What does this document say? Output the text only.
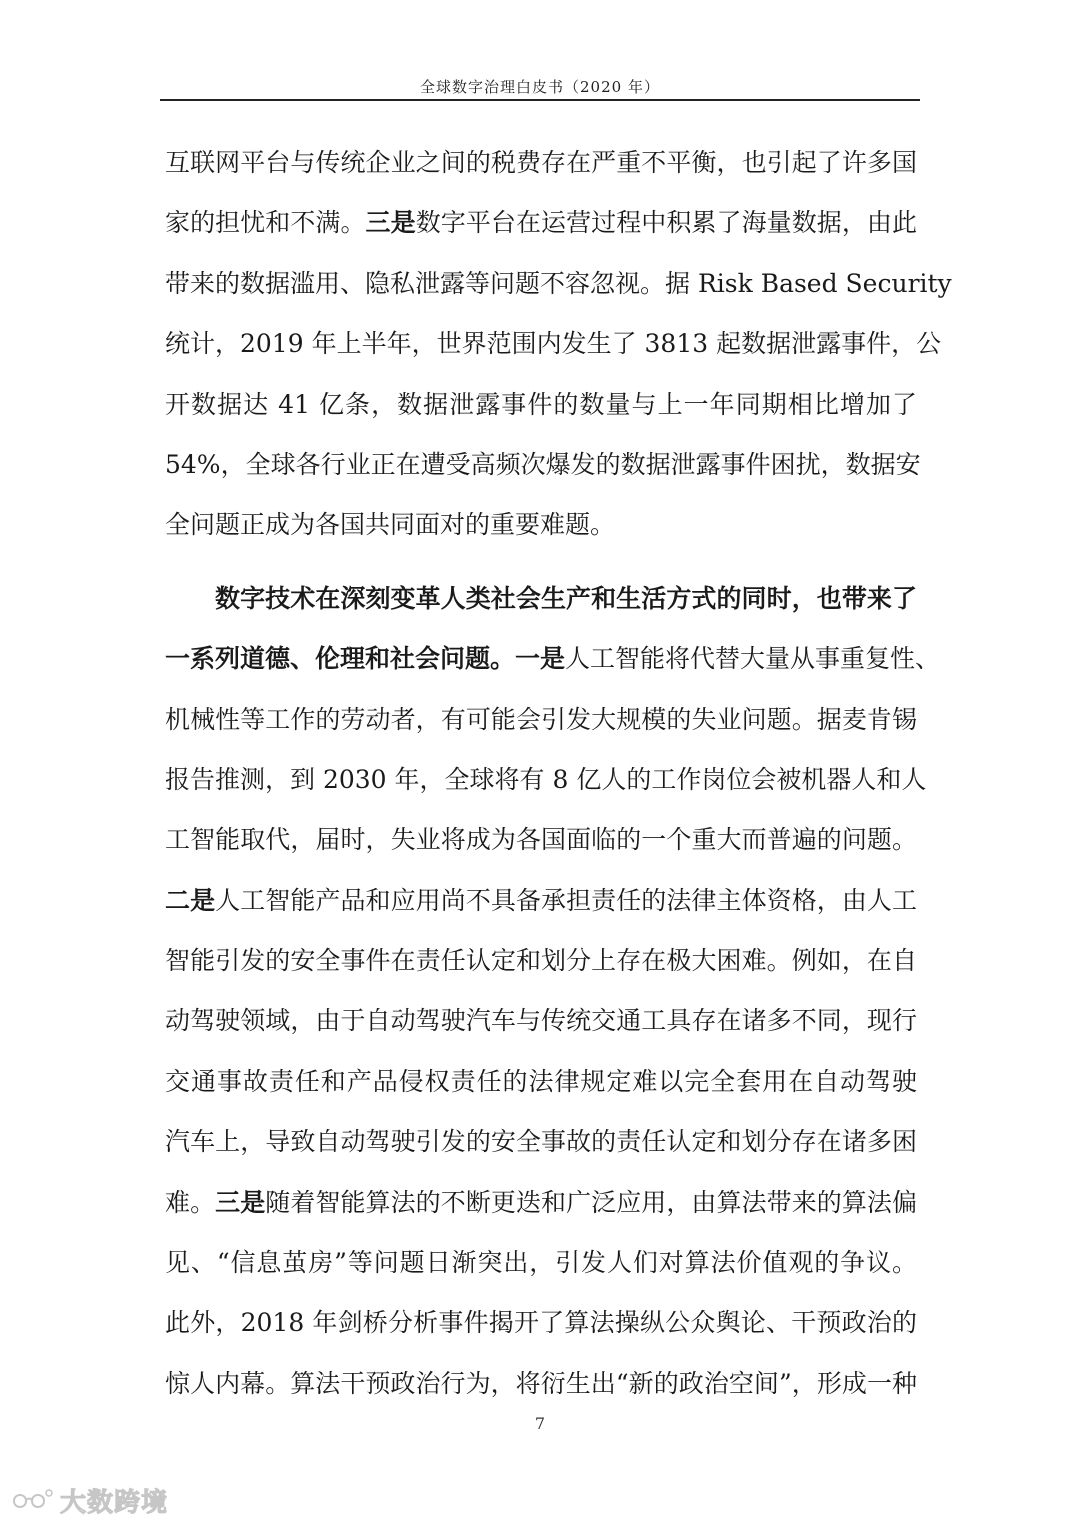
全球数字治理白皮书（2020 年）
互联网平台与传统企业之间的税费存在严重不平衡，也引起了许多国
家的担忧和不满。三是数字平台在运营过程中积累了海量数据，由此
带来的数据滥用、隐私泄露等问题不容忽视。据 Risk Based Security
统计，2019 年上半年，世界范围内发生了 3813 起数据泄露事件，公
开数据达 41 亿条，数据泄露事件的数量与上一年同期相比增加了
54%，全球各行业正在遭受高频次爆发的数据泄露事件困扰，数据安
全问题正成为各国共同面对的重要难题。
数字技术在深刻变革人类社会生产和生活方式的同时，也带来了
一系列道德、伦理和社会问题。一是人工智能将代替大量从事重复性、
机械性等工作的劳动者，有可能会引发大规模的失业问题。据麦肯锡
报告推测，到 2030 年，全球将有 8 亿人的工作岗位会被机器人和人
工智能取代，届时，失业将成为各国面临的一个重大而普遍的问题。
二是人工智能产品和应用尚不具备承担责任的法律主体资格，由人工
智能引发的安全事件在责任认定和划分上存在极大困难。例如，在自
动驾驶领域，由于自动驾驶汽车与传统交通工具存在诸多不同，现行
交通事故责任和产品侵权责任的法律规定难以完全套用在自动驾驶
汽车上，导致自动驾驶引发的安全事故的责任认定和划分存在诸多困
难。三是随着智能算法的不断更迭和广泛应用，由算法带来的算法偏
见、“信息茧房”等问题日渐突出，引发人们对算法价值观的争议。
此外，2018 年剑桥分析事件揭开了算法操纵公众舆论、干预政治的
惊人内幕。算法干预政治行为，将衍生出“新的政治空间”，形成一种
7
大数跨境
